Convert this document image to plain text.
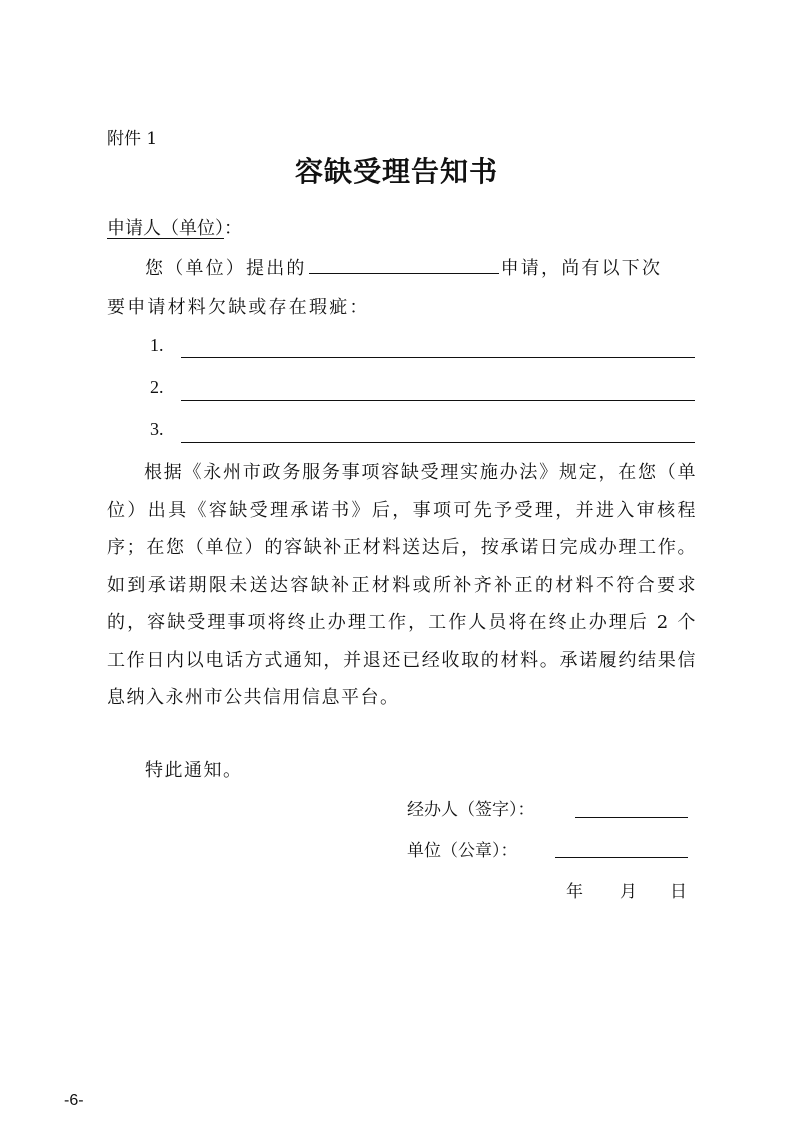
附件 1
容缺受理告知书
申请人（单位）：
您（单位）提出的	申请，尚有以下次
要申请材料欠缺或存在瑕疵：
1.
2.
3.
根据《永州市政务服务事项容缺受理实施办法》规定，在您（单位）出具《容缺受理承诺书》后，事项可先予受理，并进入审核程序；在您（单位）的容缺补正材料送达后，按承诺日完成办理工作。如到承诺期限未送达容缺补正材料或所补齐补正的材料不符合要求的，容缺受理事项将终止办理工作，工作人员将在终止办理后 2 个工作日内以电话方式通知，并退还已经收取的材料。承诺履约结果信息纳入永州市公共信用信息平台。
特此通知。
经办人（签字）：
单位（公章）：
年 月 日
-6-
